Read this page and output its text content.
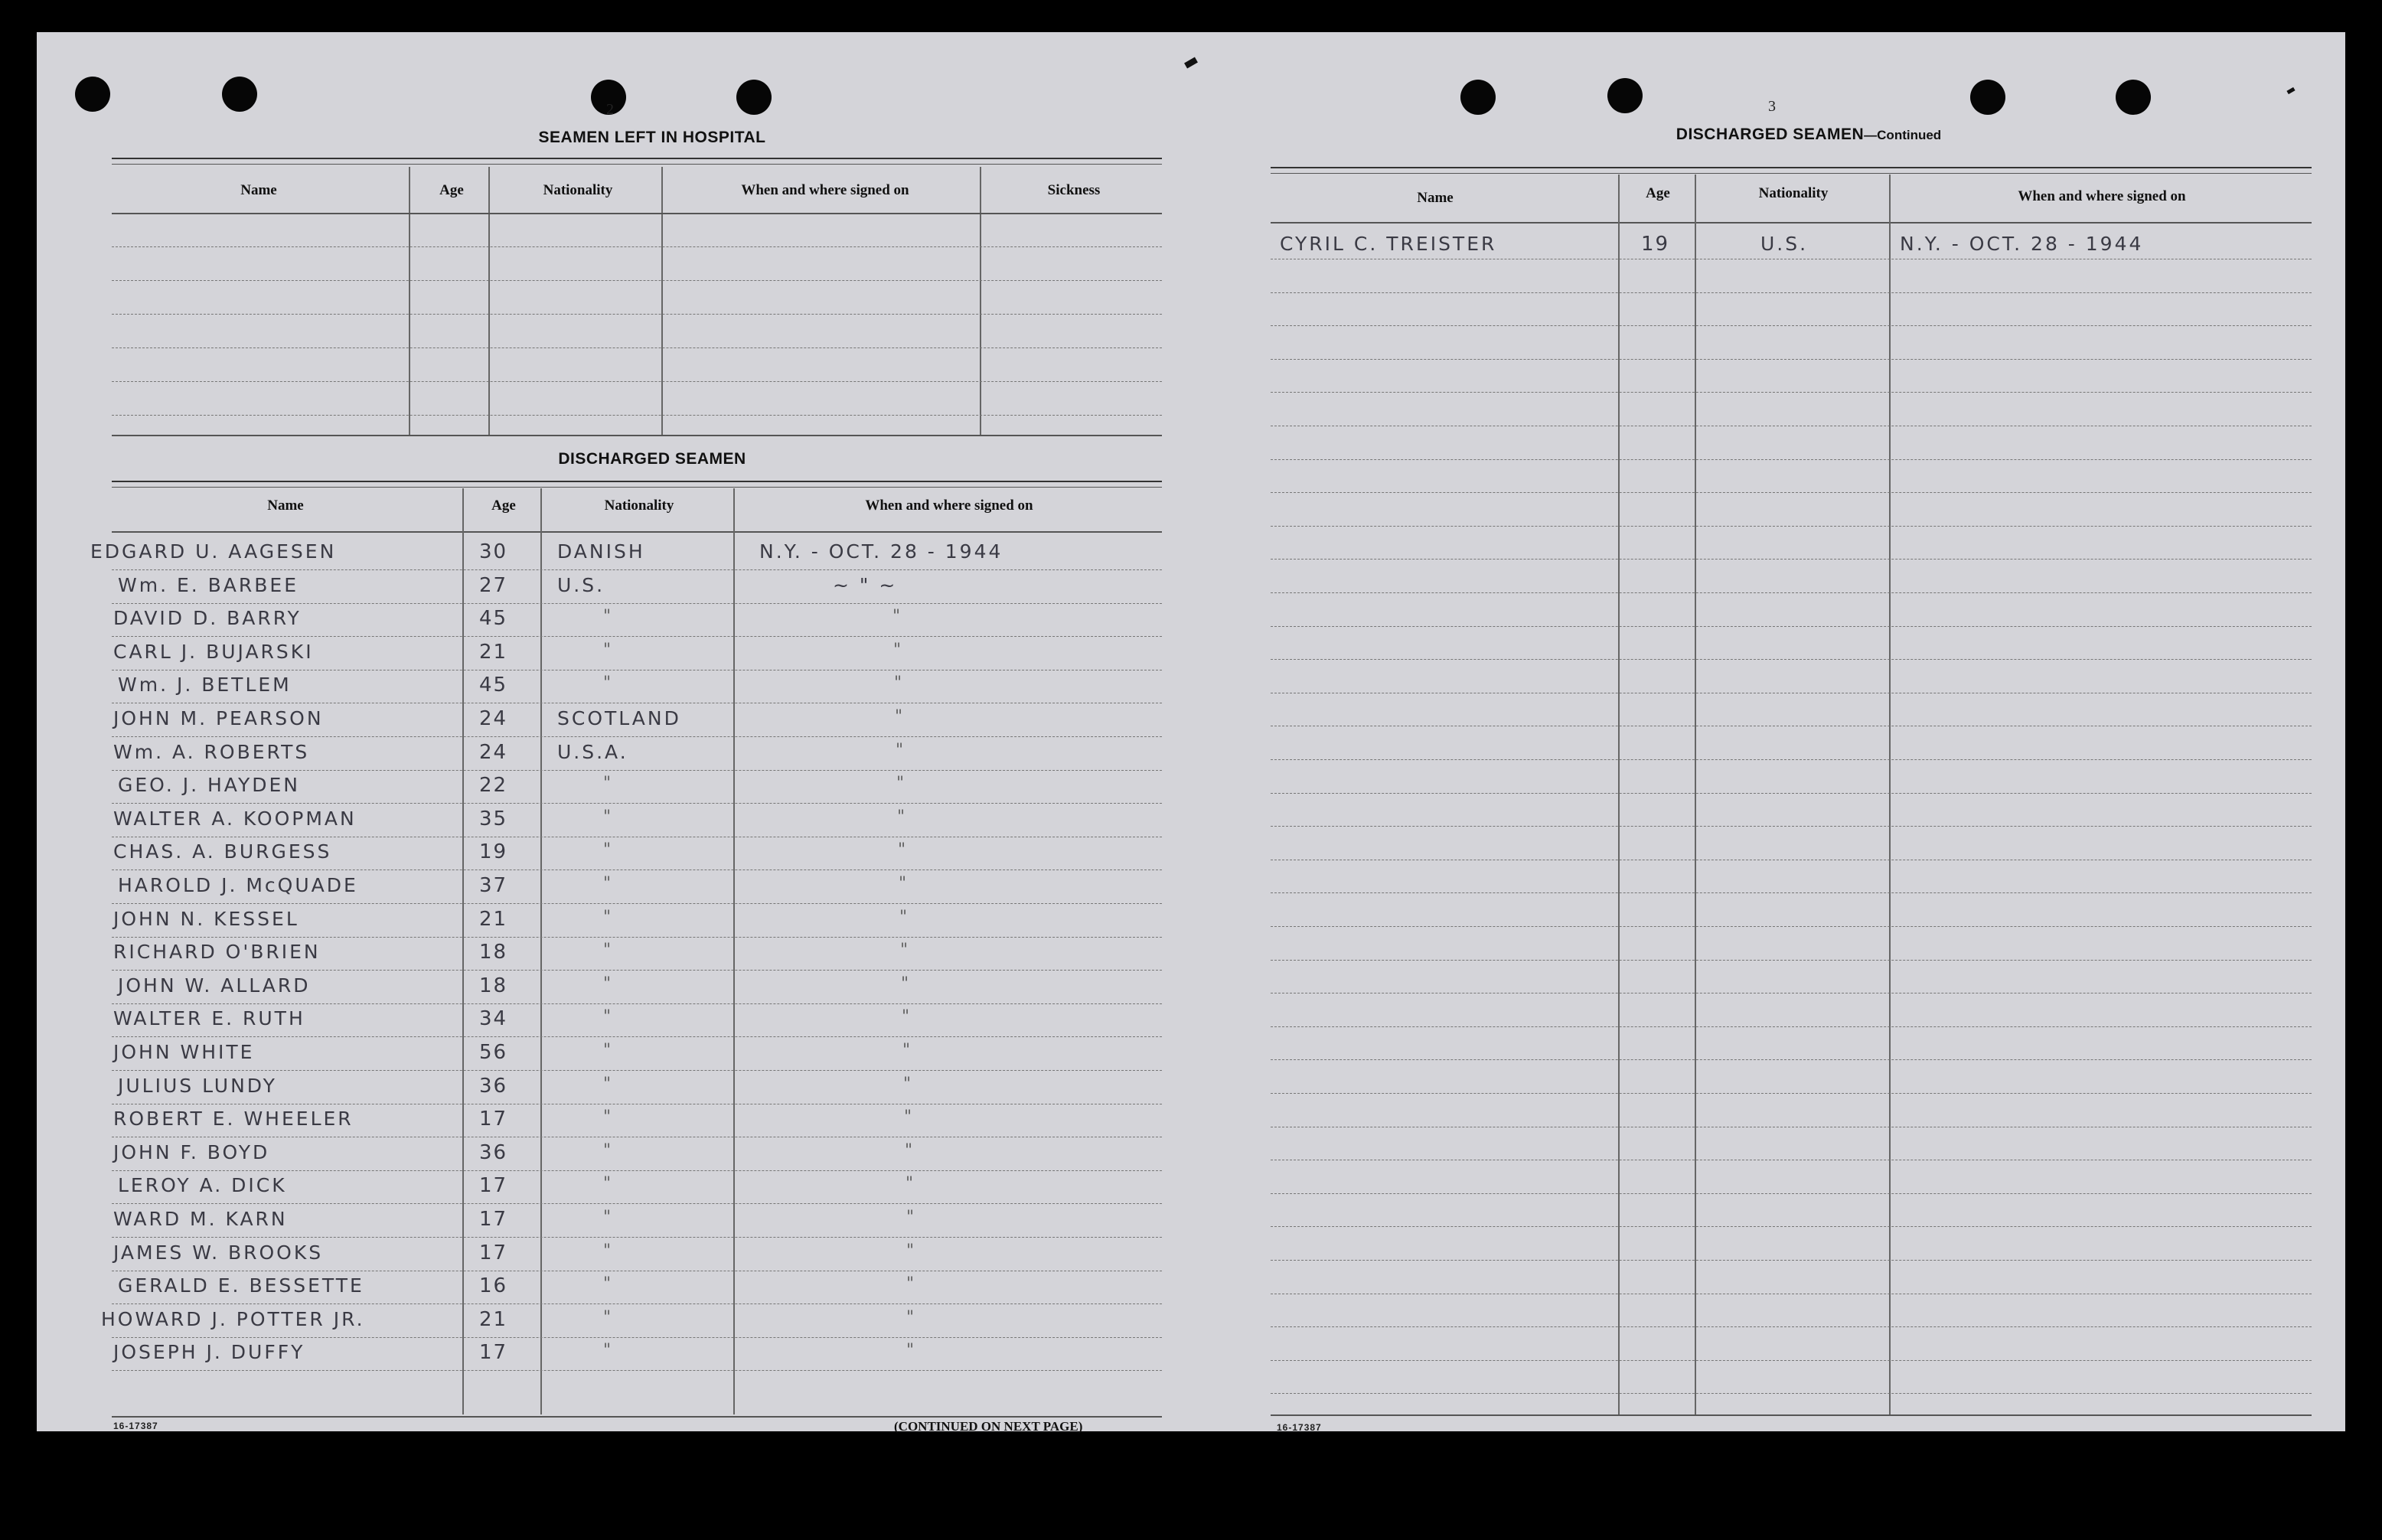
2
SEAMEN LEFT IN HOSPITAL
Name	Age	Nationality	When and where signed on	Sickness
DISCHARGED SEAMEN
Name	Age	Nationality	When and where signed on
EDGARD U. AAGESEN	30	DANISH	N.Y. - OCT. 28 - 1944
Wm. E. BARBEE	27	U.S.	~ " ~
DAVID D. BARRY	45	"	"
CARL J. BUJARSKI	21	"	"
Wm. J. BETLEM	45	"	"
JOHN M. PEARSON	24	SCOTLAND	"
Wm. A. ROBERTS	24	U.S.A.	"
GEO. J. HAYDEN	22	"	"
WALTER A. KOOPMAN	35	"	"
CHAS. A. BURGESS	19	"	"
HAROLD J. McQUADE	37	"	"
JOHN N. KESSEL	21	"	"
RICHARD O'BRIEN	18	"	"
JOHN W. ALLARD	18	"	"
WALTER E. RUTH	34	"	"
JOHN WHITE	56	"	"
JULIUS LUNDY	36	"	"
ROBERT E. WHEELER	17	"	"
JOHN F. BOYD	36	"	"
LEROY A. DICK	17	"	"
WARD M. KARN	17	"	"
JAMES W. BROOKS	17	"	"
GERALD E. BESSETTE	16	"	"
HOWARD J. POTTER JR.	21	"	"
JOSEPH J. DUFFY	17	"	"
16-17387	(CONTINUED ON NEXT PAGE)
3
DISCHARGED SEAMEN—Continued
Name	Age	Nationality	When and where signed on
CYRIL C. TREISTER	19	U.S.	N.Y. - OCT. 28 - 1944
16-17387
